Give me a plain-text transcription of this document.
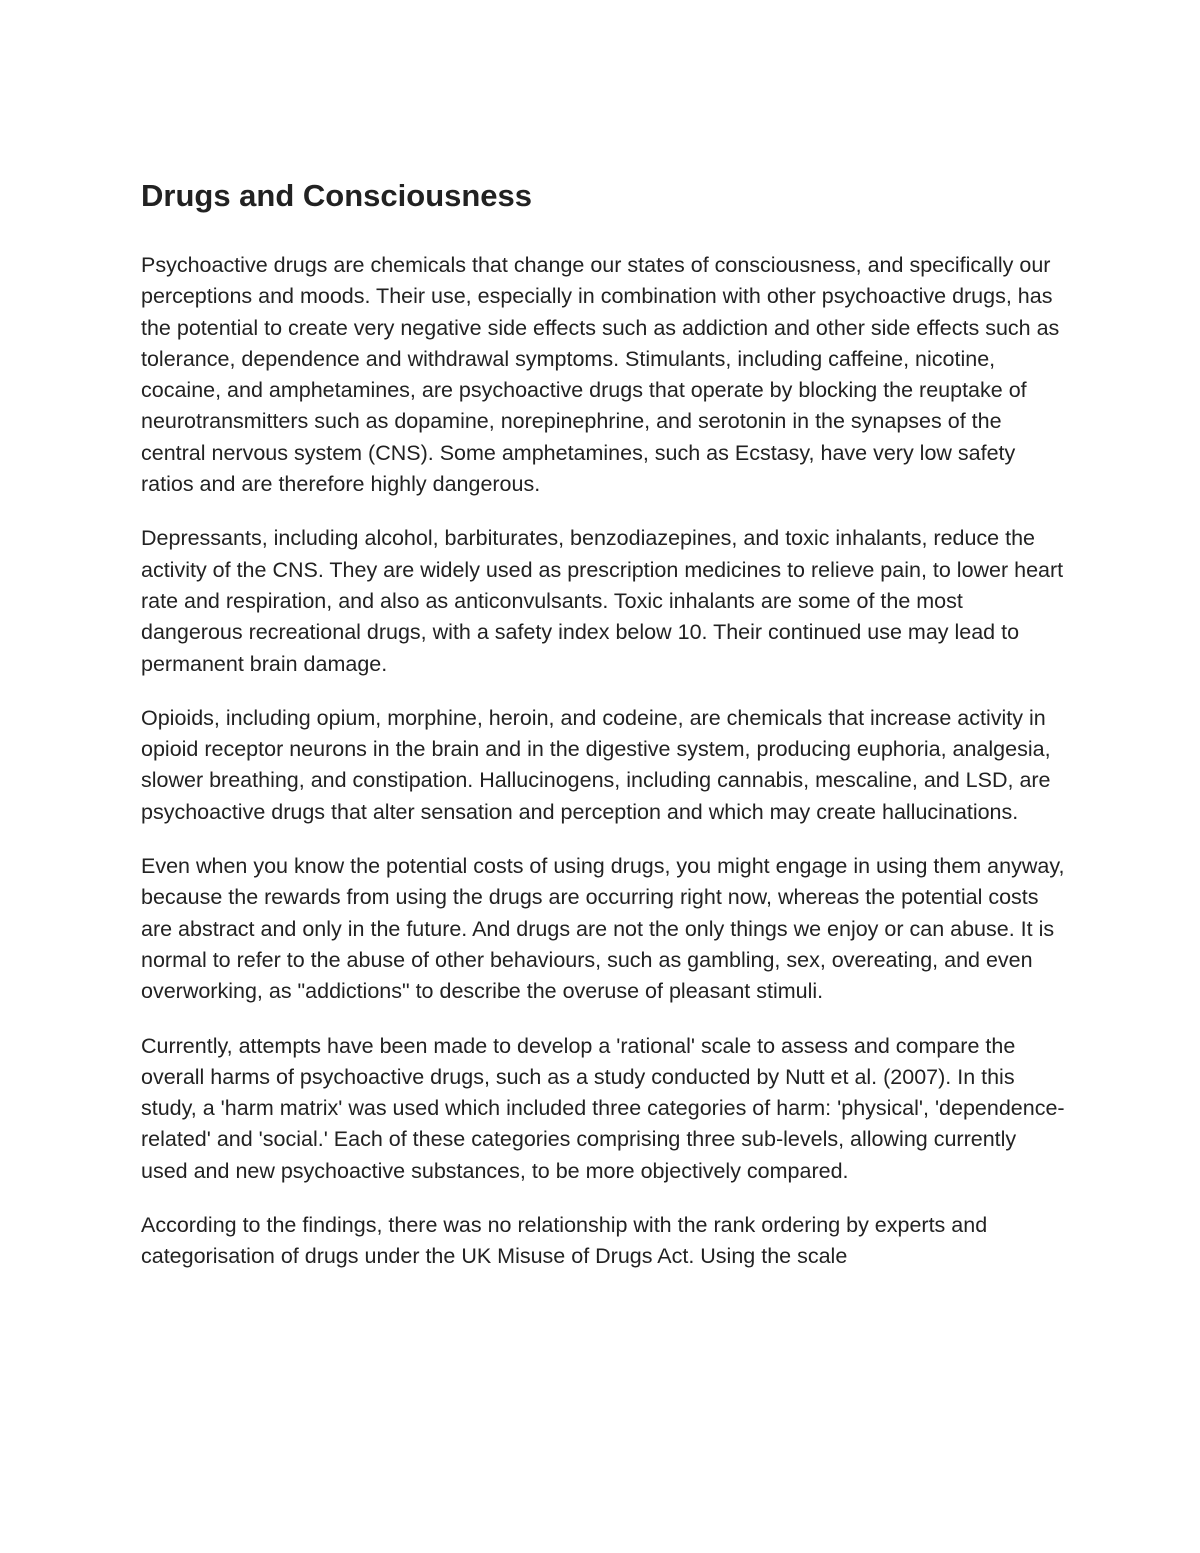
Drugs and Consciousness

Psychoactive drugs are chemicals that change our states of consciousness, and specifically our perceptions and moods. Their use, especially in combination with other psychoactive drugs, has the potential to create very negative side effects such as addiction and other side effects such as tolerance, dependence and withdrawal symptoms. Stimulants, including caffeine, nicotine, cocaine, and amphetamines, are psychoactive drugs that operate by blocking the reuptake of neurotransmitters such as dopamine, norepinephrine, and serotonin in the synapses of the central nervous system (CNS). Some amphetamines, such as Ecstasy, have very low safety ratios and are therefore highly dangerous.

Depressants, including alcohol, barbiturates, benzodiazepines, and toxic inhalants, reduce the activity of the CNS. They are widely used as prescription medicines to relieve pain, to lower heart rate and respiration, and also as anticonvulsants. Toxic inhalants are some of the most dangerous recreational drugs, with a safety index below 10. Their continued use may lead to permanent brain damage.

Opioids, including opium, morphine, heroin, and codeine, are chemicals that increase activity in opioid receptor neurons in the brain and in the digestive system, producing euphoria, analgesia, slower breathing, and constipation. Hallucinogens, including cannabis, mescaline, and LSD, are psychoactive drugs that alter sensation and perception and which may create hallucinations.

Even when you know the potential costs of using drugs, you might engage in using them anyway, because the rewards from using the drugs are occurring right now, whereas the potential costs are abstract and only in the future. And drugs are not the only things we enjoy or can abuse. It is normal to refer to the abuse of other behaviours, such as gambling, sex, overeating, and even overworking, as "addictions" to describe the overuse of pleasant stimuli.

Currently, attempts have been made to develop a 'rational' scale to assess and compare the overall harms of psychoactive drugs, such as a study conducted by Nutt et al. (2007). In this study, a 'harm matrix' was used which included three categories of harm: 'physical', 'dependence-related' and 'social.' Each of these categories comprising three sub-levels, allowing currently used and new psychoactive substances, to be more objectively compared.

According to the findings, there was no relationship with the rank ordering by experts and categorisation of drugs under the UK Misuse of Drugs Act. Using the scale
